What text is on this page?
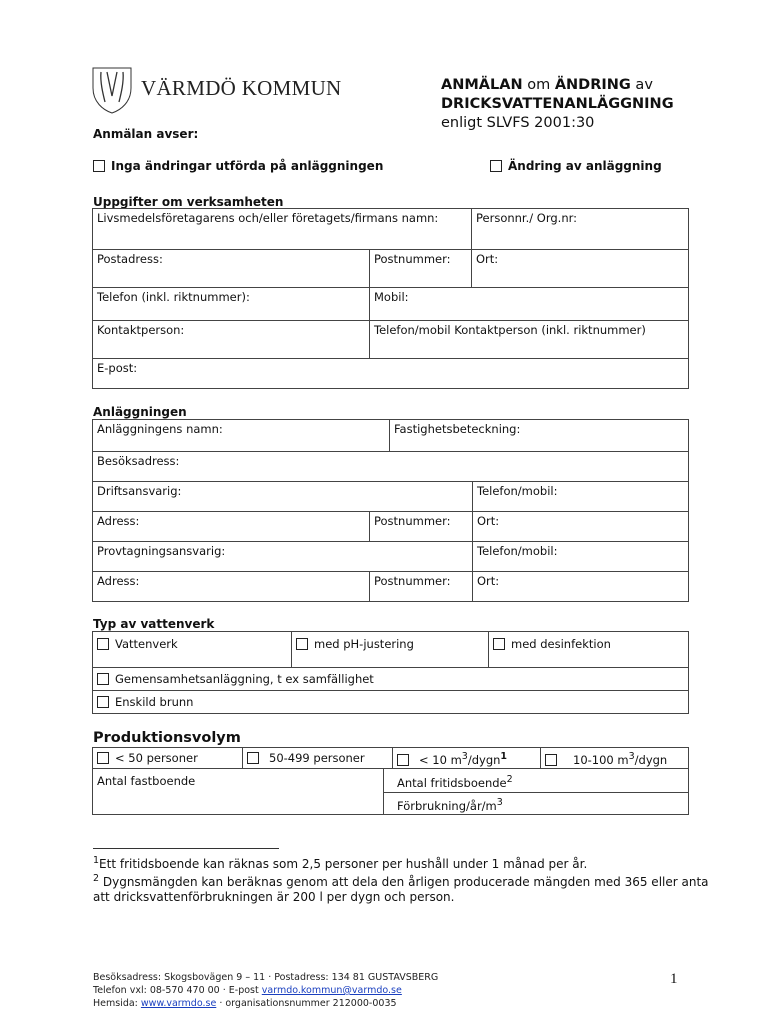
VÄRMDÖ KOMMUN	ANMÄLAN om ÄNDRING av
DRICKSVATTENANLÄGGNING
enligt SLVFS 2001:30
Anmälan avser:
Inga ändringar utförda på anläggningen	Ändring av anläggning
Uppgifter om verksamheten
Livsmedelsföretagarens och/eller företagets/firmans namn:	Personnr./ Org.nr:
Postadress:	Postnummer:	Ort:
Telefon (inkl. riktnummer):	Mobil:
Kontaktperson:	Telefon/mobil Kontaktperson (inkl. riktnummer)
E-post:
Anläggningen
Anläggningens namn:	Fastighetsbeteckning:
Besöksadress:
Driftsansvarig:	Telefon/mobil:
Adress:	Postnummer:	Ort:
Provtagningsansvarig:	Telefon/mobil:
Adress:	Postnummer:	Ort:
Typ av vattenverk
Vattenverk	med pH-justering	med desinfektion
Gemensamhetsanläggning, t ex samfällighet
Enskild brunn
Produktionsvolym
< 50 personer	50-499 personer	< 10 $m^3/dygn^1$	10-100 $m^3$/dygn
Antal fastboende	Antal fritidsboende$^2$
Förbrukning/$år/m^3$
$^1$Ett fritidsboende kan räknas som 2,5 personer per hushåll under 1 månad per år.
$^2$ Dygnsmängden kan beräknas genom att dela den årligen producerade mängden med 365 eller anta
att dricksvattenförbrukningen är 200 l per dygn och person.
Besöksadress: Skogsbovägen 9 – 11 · Postadress: 134 81 GUSTAVSBERG
Telefon vxl: 08-570 470 00 · E-post varmdo.kommun@varmdo.se
Hemsida: www.varmdo.se · organisationsnummer 212000-0035
1
